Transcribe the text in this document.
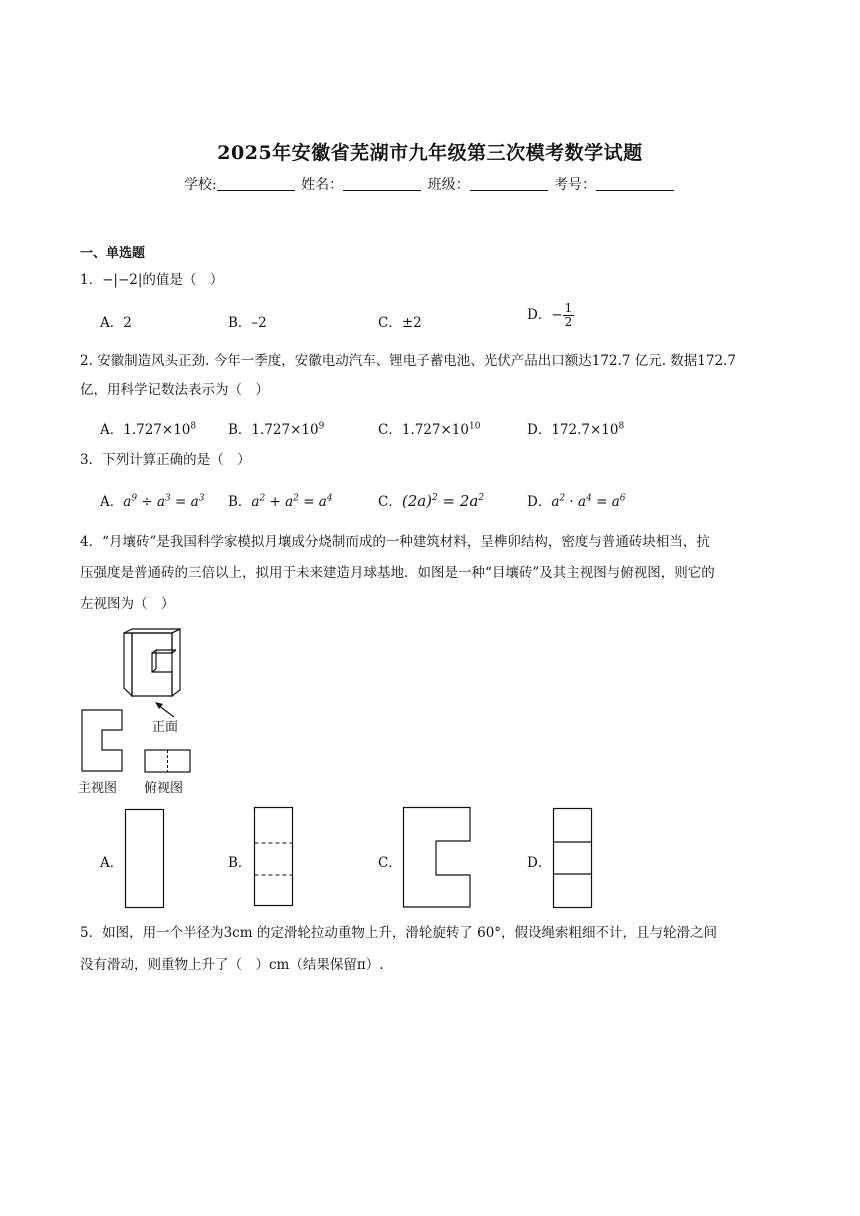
2025年安徽省芜湖市九年级第三次模考数学试题
学校:	姓名：	班级：	考号：
一、单选题
1．−|−2|的值是（　）
A．2	B．–2	C．±2	D．− $\frac{1}{2}$
2. 安徽制造风头正劲. 今年一季度，安徽电动汽车、锂电子蓄电池、光伏产品出口额达172.7 亿元. 数据172.7
亿，用科学记数法表示为（　）
A．$1.727\times 10^8$ B．$1.727\times 10^9$	C．$1.727\times 10^{10}$	D．$172.7\times 10^8$
3．下列计算正确的是（　）
A．$a^9 \div a^3 = a^3$ B．$a^2 + a^2 = a^4$	C．$(2a)^2 = 2a^2$	D．$a^2 \cdot a^4 = a^6$
4．“月壤砖”是我国科学家模拟月壤成分烧制而成的一种建筑材料，呈榫卯结构，密度与普通砖块相当，抗
压强度是普通砖的三倍以上，拟用于未来建造月球基地．如图是一种“目壤砖”及其主视图与俯视图，则它的
左视图为（　）
正面
主视图 俯视图
A．	B．	C．	D．
5．如图，用一个半径为3cm 的定滑轮拉动重物上升，滑轮旋转了 60°，假设绳索粗细不计，且与轮滑之间
没有滑动，则重物上升了（　）cm（结果保留π）.
